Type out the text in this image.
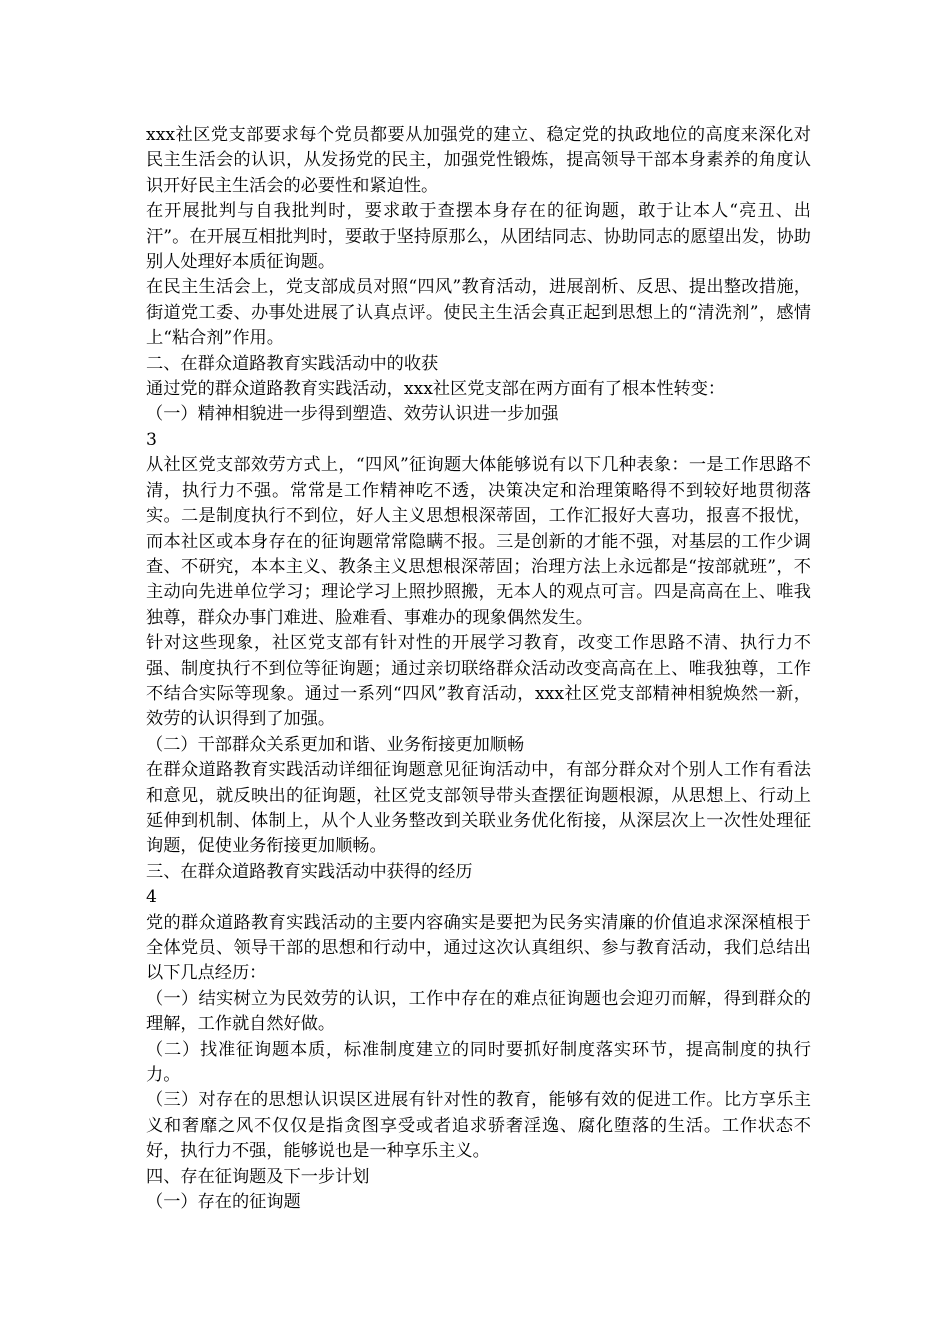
xxx社区党支部要求每个党员都要从加强党的建立、稳定党的执政地位的高度来深化对民主生活会的认识，从发扬党的民主，加强党性锻炼，提高领导干部本身素养的角度认识开好民主生活会的必要性和紧迫性。

在开展批判与自我批判时，要求敢于查摆本身存在的征询题，敢于让本人“亮丑、出汗”。在开展互相批判时，要敢于坚持原那么，从团结同志、协助同志的愿望出发，协助别人处理好本质征询题。

在民主生活会上，党支部成员对照“四风”教育活动，进展剖析、反思、提出整改措施，街道党工委、办事处进展了认真点评。使民主生活会真正起到思想上的“清洗剂”，感情上“粘合剂”作用。

二、在群众道路教育实践活动中的收获

通过党的群众道路教育实践活动，xxx社区党支部在两方面有了根本性转变：

（一）精神相貌进一步得到塑造、效劳认识进一步加强

3

从社区党支部效劳方式上，“四风”征询题大体能够说有以下几种表象：一是工作思路不清，执行力不强。常常是工作精神吃不透，决策决定和治理策略得不到较好地贯彻落实。二是制度执行不到位，好人主义思想根深蒂固，工作汇报好大喜功，报喜不报忧，而本社区或本身存在的征询题常常隐瞒不报。三是创新的才能不强，对基层的工作少调查、不研究，本本主义、教条主义思想根深蒂固；治理方法上永远都是“按部就班”，不主动向先进单位学习；理论学习上照抄照搬，无本人的观点可言。四是高高在上、唯我独尊，群众办事门难进、脸难看、事难办的现象偶然发生。

针对这些现象，社区党支部有针对性的开展学习教育，改变工作思路不清、执行力不强、制度执行不到位等征询题；通过亲切联络群众活动改变高高在上、唯我独尊，工作不结合实际等现象。通过一系列“四风”教育活动，xxx社区党支部精神相貌焕然一新，效劳的认识得到了加强。

（二）干部群众关系更加和谐、业务衔接更加顺畅

在群众道路教育实践活动详细征询题意见征询活动中，有部分群众对个别人工作有看法和意见，就反映出的征询题，社区党支部领导带头查摆征询题根源，从思想上、行动上延伸到机制、体制上，从个人业务整改到关联业务优化衔接，从深层次上一次性处理征询题，促使业务衔接更加顺畅。

三、在群众道路教育实践活动中获得的经历

4

党的群众道路教育实践活动的主要内容确实是要把为民务实清廉的价值追求深深植根于全体党员、领导干部的思想和行动中，通过这次认真组织、参与教育活动，我们总结出以下几点经历：

（一）结实树立为民效劳的认识，工作中存在的难点征询题也会迎刃而解，得到群众的理解，工作就自然好做。

（二）找准征询题本质，标准制度建立的同时要抓好制度落实环节，提高制度的执行力。

（三）对存在的思想认识误区进展有针对性的教育，能够有效的促进工作。比方享乐主义和奢靡之风不仅仅是指贪图享受或者追求骄奢淫逸、腐化堕落的生活。工作状态不好，执行力不强，能够说也是一种享乐主义。

四、存在征询题及下一步计划

（一）存在的征询题
